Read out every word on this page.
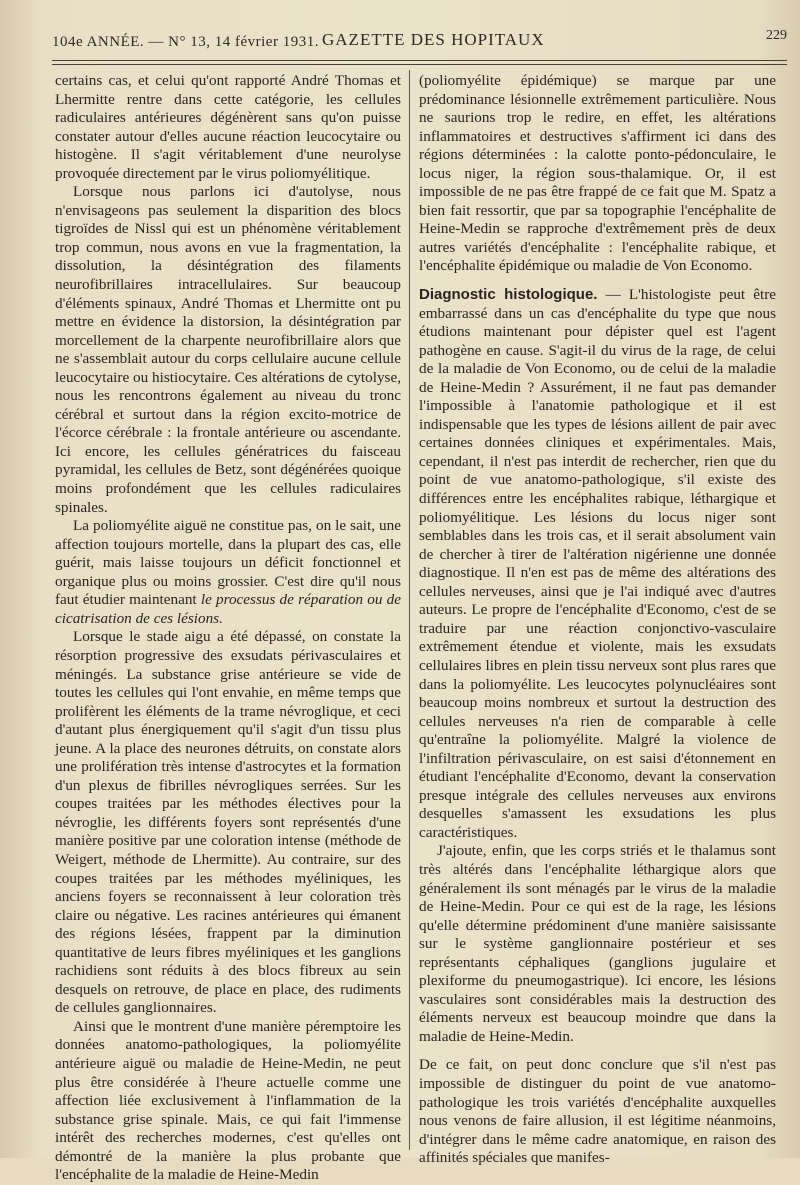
104e ANNÉE. — N° 13, 14 février 1931. GAZETTE DES HOPITAUX	229

certains cas, et celui qu'ont rapporté André Thomas et Lhermitte rentre dans cette catégorie, les cellules radiculaires antérieures dégénèrent sans qu'on puisse constater autour d'elles aucune réaction leucocytaire ou histogène. Il s'agit véritablement d'une neurolyse provoquée directement par le virus poliomyélitique.

Lorsque nous parlons ici d'autolyse, nous n'envisageons pas seulement la disparition des blocs tigroïdes de Nissl qui est un phénomène véritablement trop commun, nous avons en vue la fragmentation, la dissolution, la désintégration des filaments neurofibrillaires intracellulaires. Sur beaucoup d'éléments spinaux, André Thomas et Lhermitte ont pu mettre en évidence la distorsion, la désintégration par morcellement de la charpente neurofibrillaire alors que ne s'assemblait autour du corps cellulaire aucune cellule leucocytaire ou histiocytaire. Ces altérations de cytolyse, nous les rencontrons également au niveau du tronc cérébral et surtout dans la région excito-motrice de l'écorce cérébrale : la frontale antérieure ou ascendante. Ici encore, les cellules génératrices du faisceau pyramidal, les cellules de Betz, sont dégénérées quoique moins profondément que les cellules radiculaires spinales.

La poliomyélite aiguë ne constitue pas, on le sait, une affection toujours mortelle, dans la plupart des cas, elle guérit, mais laisse toujours un déficit fonctionnel et organique plus ou moins grossier. C'est dire qu'il nous faut étudier maintenant le processus de réparation ou de cicatrisation de ces lésions.

Lorsque le stade aigu a été dépassé, on constate la résorption progressive des exsudats périvasculaires et méningés. La substance grise antérieure se vide de toutes les cellules qui l'ont envahie, en même temps que prolifèrent les éléments de la trame névroglique, et ceci d'autant plus énergiquement qu'il s'agit d'un tissu plus jeune. A la place des neurones détruits, on constate alors une prolifération très intense d'astrocytes et la formation d'un plexus de fibrilles névrogliques serrées. Sur les coupes traitées par les méthodes électives pour la névroglie, les différents foyers sont représentés d'une manière positive par une coloration intense (méthode de Weigert, méthode de Lhermitte). Au contraire, sur des coupes traitées par les méthodes myéliniques, les anciens foyers se reconnaissent à leur coloration très claire ou négative. Les racines antérieures qui émanent des régions lésées, frappent par la diminution quantitative de leurs fibres myéliniques et les ganglions rachidiens sont réduits à des blocs fibreux au sein desquels on retrouve, de place en place, des rudiments de cellules ganglionnaires.

Ainsi que le montrent d'une manière péremptoire les données anatomo-pathologiques, la poliomyélite antérieure aiguë ou maladie de Heine-Medin, ne peut plus être considérée à l'heure actuelle comme une affection liée exclusivement à l'inflammation de la substance grise spinale. Mais, ce qui fait l'immense intérêt des recherches modernes, c'est qu'elles ont démontré de la manière la plus probante que l'encéphalite de la maladie de Heine-Medin

(poliomyélite épidémique) se marque par une prédominance lésionnelle extrêmement particulière. Nous ne saurions trop le redire, en effet, les altérations inflammatoires et destructives s'affirment ici dans des régions déterminées : la calotte ponto-pédonculaire, le locus niger, la région sous-thalamique. Or, il est impossible de ne pas être frappé de ce fait que M. Spatz a bien fait ressortir, que par sa topographie l'encéphalite de Heine-Medin se rapproche d'extrêmement près de deux autres variétés d'encéphalite : l'encéphalite rabique, et l'encéphalite épidémique ou maladie de Von Economo.

Diagnostic histologique. — L'histologiste peut être embarrassé dans un cas d'encéphalite du type que nous étudions maintenant pour dépister quel est l'agent pathogène en cause. S'agit-il du virus de la rage, de celui de la maladie de Von Economo, ou de celui de la maladie de Heine-Medin ? Assurément, il ne faut pas demander l'impossible à l'anatomie pathologique et il est indispensable que les types de lésions aillent de pair avec certaines données cliniques et expérimentales. Mais, cependant, il n'est pas interdit de rechercher, rien que du point de vue anatomo-pathologique, s'il existe des différences entre les encéphalites rabique, léthargique et poliomyélitique. Les lésions du locus niger sont semblables dans les trois cas, et il serait absolument vain de chercher à tirer de l'altération nigérienne une donnée diagnostique. Il n'en est pas de même des altérations des cellules nerveuses, ainsi que je l'ai indiqué avec d'autres auteurs. Le propre de l'encéphalite d'Economo, c'est de se traduire par une réaction conjonctivo-vasculaire extrêmement étendue et violente, mais les exsudats cellulaires libres en plein tissu nerveux sont plus rares que dans la poliomyélite. Les leucocytes polynucléaires sont beaucoup moins nombreux et surtout la destruction des cellules nerveuses n'a rien de comparable à celle qu'entraîne la poliomyélite. Malgré la violence de l'infiltration périvasculaire, on est saisi d'étonnement en étudiant l'encéphalite d'Economo, devant la conservation presque intégrale des cellules nerveuses aux environs desquelles s'amassent les exsudations les plus caractéristiques.

J'ajoute, enfin, que les corps striés et le thalamus sont très altérés dans l'encéphalite léthargique alors que généralement ils sont ménagés par le virus de la maladie de Heine-Medin. Pour ce qui est de la rage, les lésions qu'elle détermine prédominent d'une manière saisissante sur le système ganglionnaire postérieur et ses représentants céphaliques (ganglions jugulaire et plexiforme du pneumogastrique). Ici encore, les lésions vasculaires sont considérables mais la destruction des éléments nerveux est beaucoup moindre que dans la maladie de Heine-Medin.

De ce fait, on peut donc conclure que s'il n'est pas impossible de distinguer du point de vue anatomo-pathologique les trois variétés d'encéphalite auxquelles nous venons de faire allusion, il est légitime néanmoins, d'intégrer dans le même cadre anatomique, en raison des affinités spéciales que manifes-
